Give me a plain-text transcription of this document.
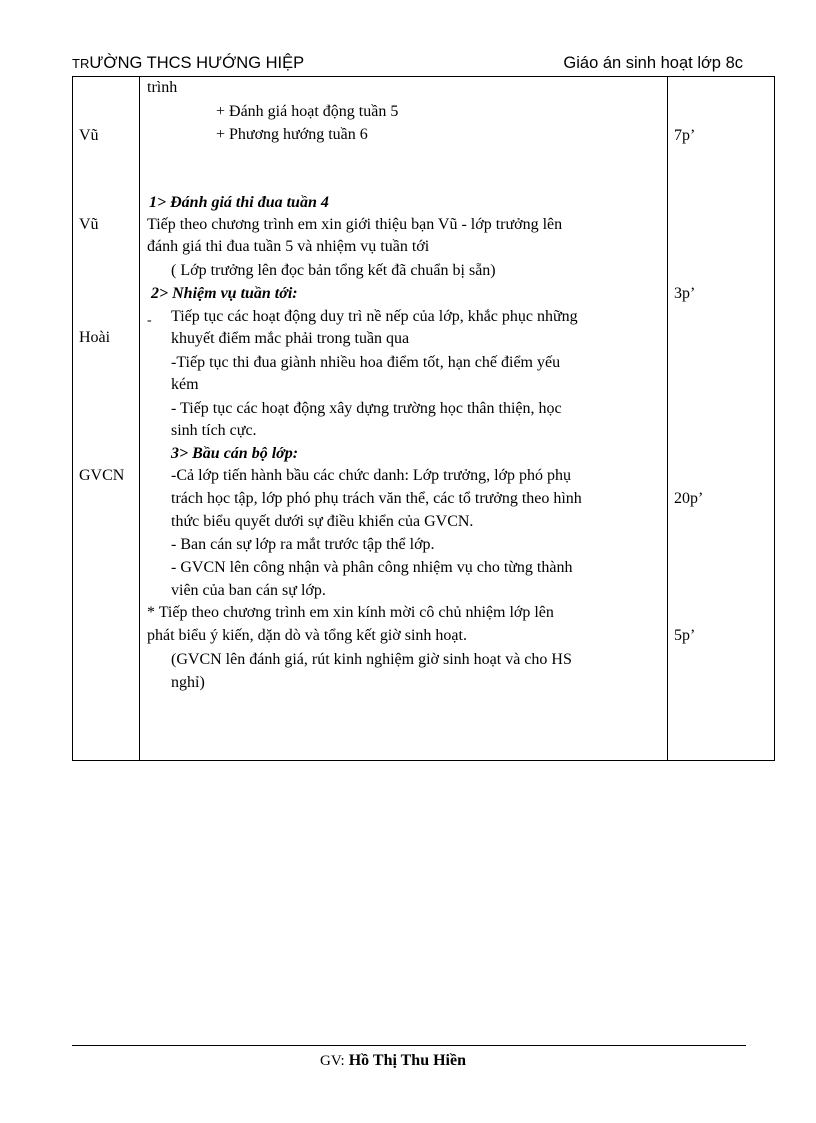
TRƯỜNG THCS HƯỚNG HIỆP	Giáo án sinh hoạt lớp 8c
Vũ
Vũ
Hoài
GVCN
7p’
3p’
20p’
5p’
trình
+ Đánh giá hoạt động tuần 5
+ Phương hướng tuần 6
1> Đánh giá thi đua tuần 4
Tiếp theo chương trình em xin giới thiệu bạn Vũ - lớp trưởng lên
đánh giá thi đua tuần 5 và nhiệm vụ tuần tới
( Lớp trưởng lên đọc bản tổng kết đã chuẩn bị sẵn)
2> Nhiệm vụ tuần tới:
- Tiếp tục các hoạt động duy trì nề nếp của lớp, khắc phục những
khuyết điểm mắc phải trong tuần qua
-Tiếp tục thi đua giành nhiều hoa điểm tốt, hạn chế điểm yếu
kém
- Tiếp tục các hoạt động xây dựng trường học thân thiện, học
sinh tích cực.
3> Bầu cán bộ lớp:
-Cả lớp tiến hành bầu các chức danh: Lớp trưởng, lớp phó phụ
trách học tập, lớp phó phụ trách văn thể, các tổ trưởng theo hình
thức biểu quyết dưới sự điều khiển của GVCN.
- Ban cán sự lớp ra mắt trước tập thể lớp.
- GVCN lên công nhận và phân công nhiệm vụ cho từng thành
viên của ban cán sự lớp.
* Tiếp theo chương trình em xin kính mời cô chủ nhiệm lớp lên
phát biểu ý kiến, dặn dò và tổng kết giờ sinh hoạt.
(GVCN lên đánh giá, rút kinh nghiệm giờ sinh hoạt và cho HS
nghỉ)
GV: Hồ Thị Thu Hiền
